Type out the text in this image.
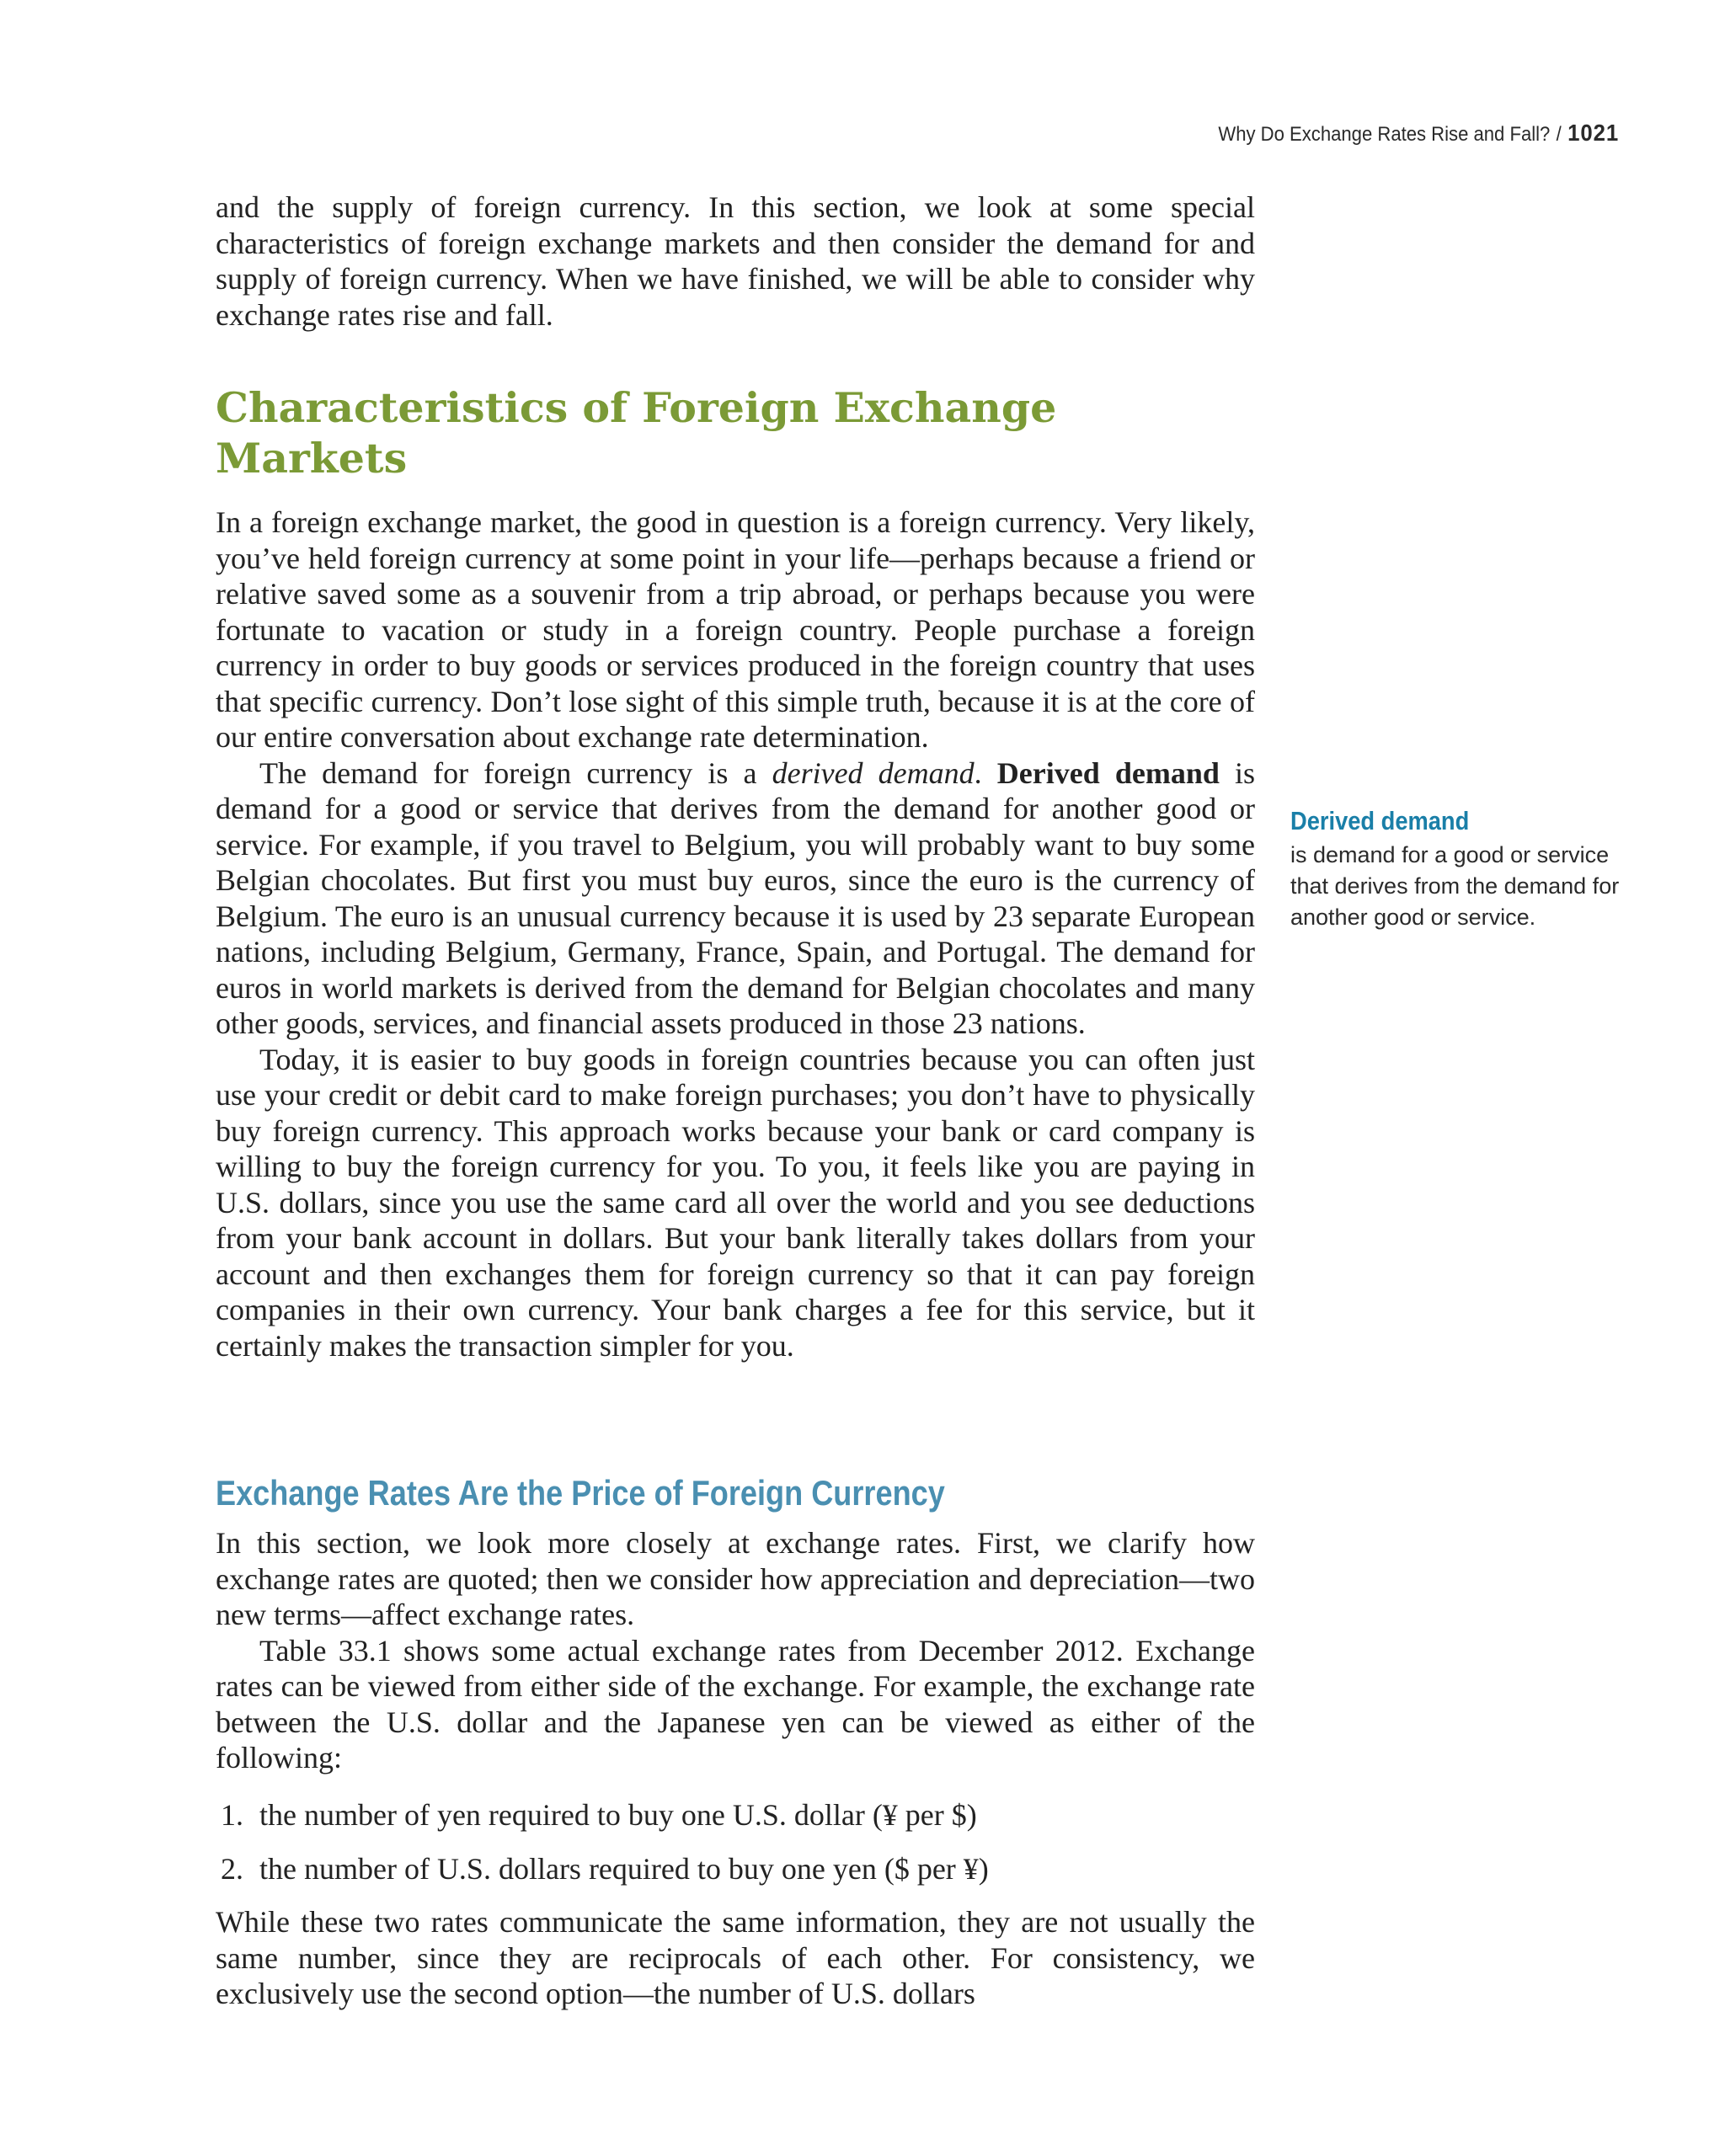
Why Do Exchange Rates Rise and Fall? / 1021

and the supply of foreign currency. In this section, we look at some special characteristics of foreign exchange markets and then consider the demand for and supply of foreign currency. When we have finished, we will be able to consider why exchange rates rise and fall.

Characteristics of Foreign Exchange
Markets

In a foreign exchange market, the good in question is a foreign currency. Very likely, you’ve held foreign currency at some point in your life—perhaps because a friend or relative saved some as a souvenir from a trip abroad, or perhaps because you were fortunate to vacation or study in a foreign country. People purchase a foreign currency in order to buy goods or services produced in the foreign country that uses that specific currency. Don’t lose sight of this simple truth, because it is at the core of our entire conversation about exchange rate determination.

The demand for foreign currency is a derived demand. Derived demand is demand for a good or service that derives from the demand for another good or service. For example, if you travel to Belgium, you will probably want to buy some Belgian chocolates. But first you must buy euros, since the euro is the currency of Belgium. The euro is an unusual currency because it is used by 23 separate European nations, including Belgium, Germany, France, Spain, and Portugal. The demand for euros in world markets is derived from the demand for Belgian chocolates and many other goods, services, and financial assets produced in those 23 nations.

Today, it is easier to buy goods in foreign countries because you can often just use your credit or debit card to make foreign purchases; you don’t have to physically buy foreign currency. This approach works because your bank or card company is willing to buy the foreign currency for you. To you, it feels like you are paying in U.S. dollars, since you use the same card all over the world and you see deductions from your bank account in dollars. But your bank literally takes dollars from your account and then exchanges them for foreign currency so that it can pay foreign companies in their own currency. Your bank charges a fee for this service, but it certainly makes the transaction simpler for you.

Exchange Rates Are the Price of Foreign Currency

In this section, we look more closely at exchange rates. First, we clarify how exchange rates are quoted; then we consider how appreciation and depreciation—two new terms—affect exchange rates.

Table 33.1 shows some actual exchange rates from December 2012. Exchange rates can be viewed from either side of the exchange. For example, the exchange rate between the U.S. dollar and the Japanese yen can be viewed as either of the following:

1. the number of yen required to buy one U.S. dollar (¥ per $)
2. the number of U.S. dollars required to buy one yen ($ per ¥)

While these two rates communicate the same information, they are not usually the same number, since they are reciprocals of each other. For consistency, we exclusively use the second option—the number of U.S. dollars

Derived demand

is demand for a good or service that derives from the demand for another good or service.
